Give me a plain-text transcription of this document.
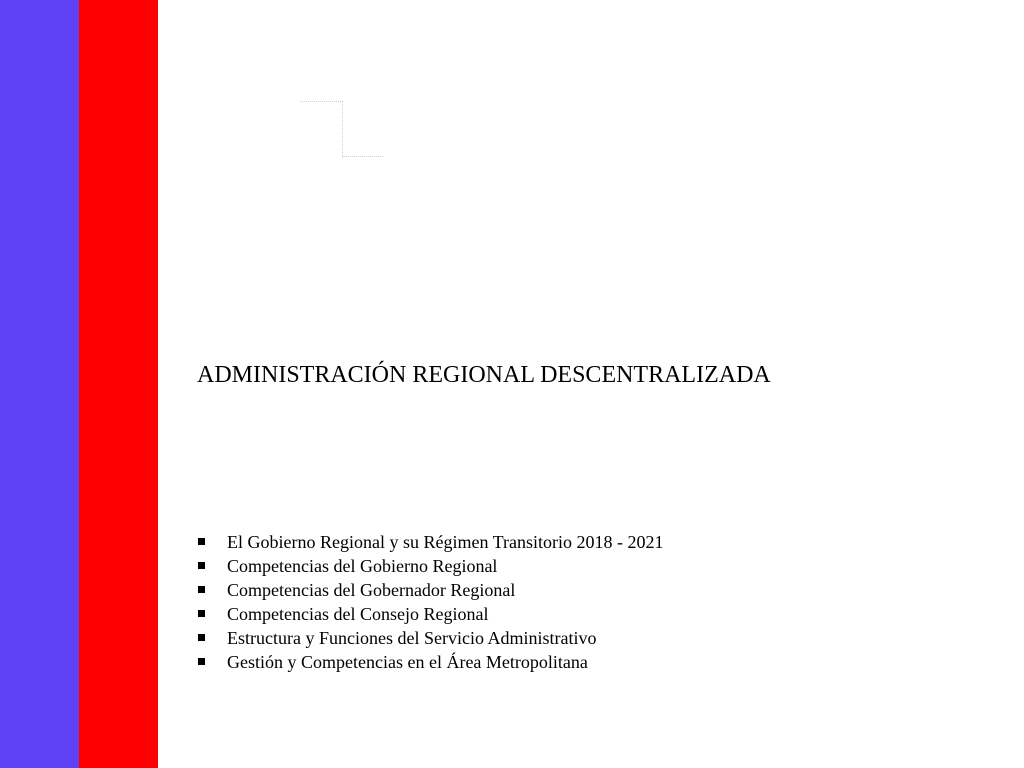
ADMINISTRACIÓN REGIONAL DESCENTRALIZADA
El Gobierno Regional y su Régimen Transitorio 2018 - 2021
Competencias del Gobierno Regional
Competencias del Gobernador Regional
Competencias del Consejo Regional
Estructura y Funciones del Servicio Administrativo
Gestión y Competencias en el Área Metropolitana
